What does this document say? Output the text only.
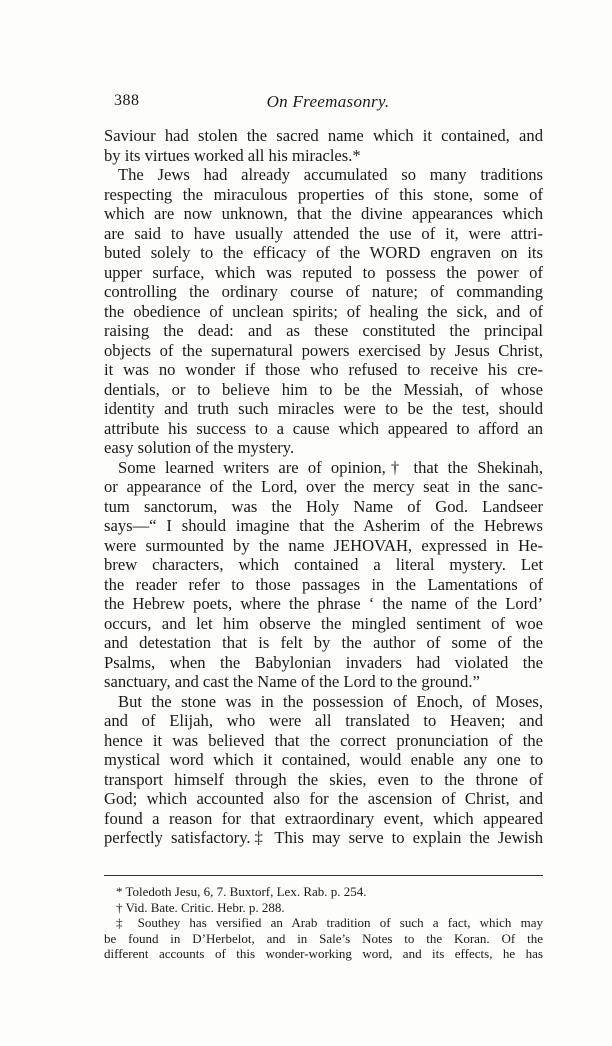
388	On Freemasonry.
Saviour had stolen the sacred name which it contained, and
by its virtues worked all his miracles.*
The Jews had already accumulated so many traditions
respecting the miraculous properties of this stone, some of
which are now unknown, that the divine appearances which
are said to have usually attended the use of it, were attri-
buted solely to the efficacy of the WORD engraven on its
upper surface, which was reputed to possess the power of
controlling the ordinary course of nature; of commanding
the obedience of unclean spirits; of healing the sick, and of
raising the dead: and as these constituted the principal
objects of the supernatural powers exercised by Jesus Christ,
it was no wonder if those who refused to receive his cre-
dentials, or to believe him to be the Messiah, of whose
identity and truth such miracles were to be the test, should
attribute his success to a cause which appeared to afford an
easy solution of the mystery.
Some learned writers are of opinion,† that the Shekinah,
or appearance of the Lord, over the mercy seat in the sanc-
tum sanctorum, was the Holy Name of God. Landseer
says—“ I should imagine that the Asherim of the Hebrews
were surmounted by the name JEHOVAH, expressed in He-
brew characters, which contained a literal mystery. Let
the reader refer to those passages in the Lamentations of
the Hebrew poets, where the phrase ‘ the name of the Lord’
occurs, and let him observe the mingled sentiment of woe
and detestation that is felt by the author of some of the
Psalms, when the Babylonian invaders had violated the
sanctuary, and cast the Name of the Lord to the ground.”
But the stone was in the possession of Enoch, of Moses,
and of Elijah, who were all translated to Heaven; and
hence it was believed that the correct pronunciation of the
mystical word which it contained, would enable any one to
transport himself through the skies, even to the throne of
God; which accounted also for the ascension of Christ, and
found a reason for that extraordinary event, which appeared
perfectly satisfactory.‡ This may serve to explain the Jewish
* Toledoth Jesu, 6, 7. Buxtorf, Lex. Rab. p. 254.
† Vid. Bate. Critic. Hebr. p. 288.
‡ Southey has versified an Arab tradition of such a fact, which may
be found in D’Herbelot, and in Sale’s Notes to the Koran. Of the
different accounts of this wonder-working word, and its effects, he has
